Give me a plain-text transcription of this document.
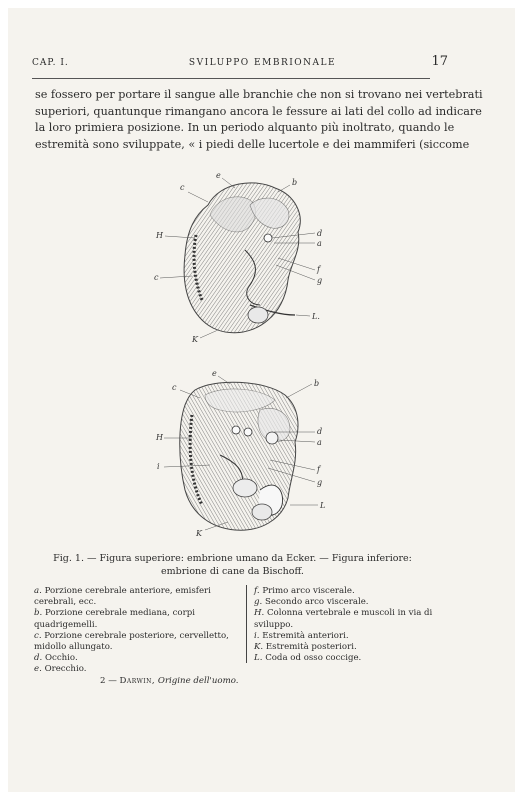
CAP. I.	SVILUPPO EMBRIONALE	17
se fossero per portare il sangue alle branchie che non si trovano nei vertebrati
superiori, quantunque rimangano ancora le fessure ai lati del collo ad indicare
la loro primiera posizione. In un periodo alquanto più inoltrato, quando le
estremità sono sviluppate, « i piedi delle lucertole e dei mammiferi (siccome
c
e
b
H	d
a
c
f
g
L.
K
c
e
b
H
d
a
i	f
g
L
K
Fig. 1. — Figura superiore: embrione umano da Ecker. — Figura inferiore:
embrione di cane da Bischoff.
a. Porzione cerebrale anteriore, emisferi cerebrali, ecc.
b. Porzione cerebrale mediana, corpi quadrigemelli.
c. Porzione cerebrale posteriore, cervelletto, midollo allungato.
d. Occhio.
e. Orecchio.
f. Primo arco viscerale.
g. Secondo arco viscerale.
H. Colonna vertebrale e muscoli in via di sviluppo.
i. Estremità anteriori.
K. Estremità posteriori.
L. Coda od osso coccige.
2 — Darwin, Origine dell'uomo.
